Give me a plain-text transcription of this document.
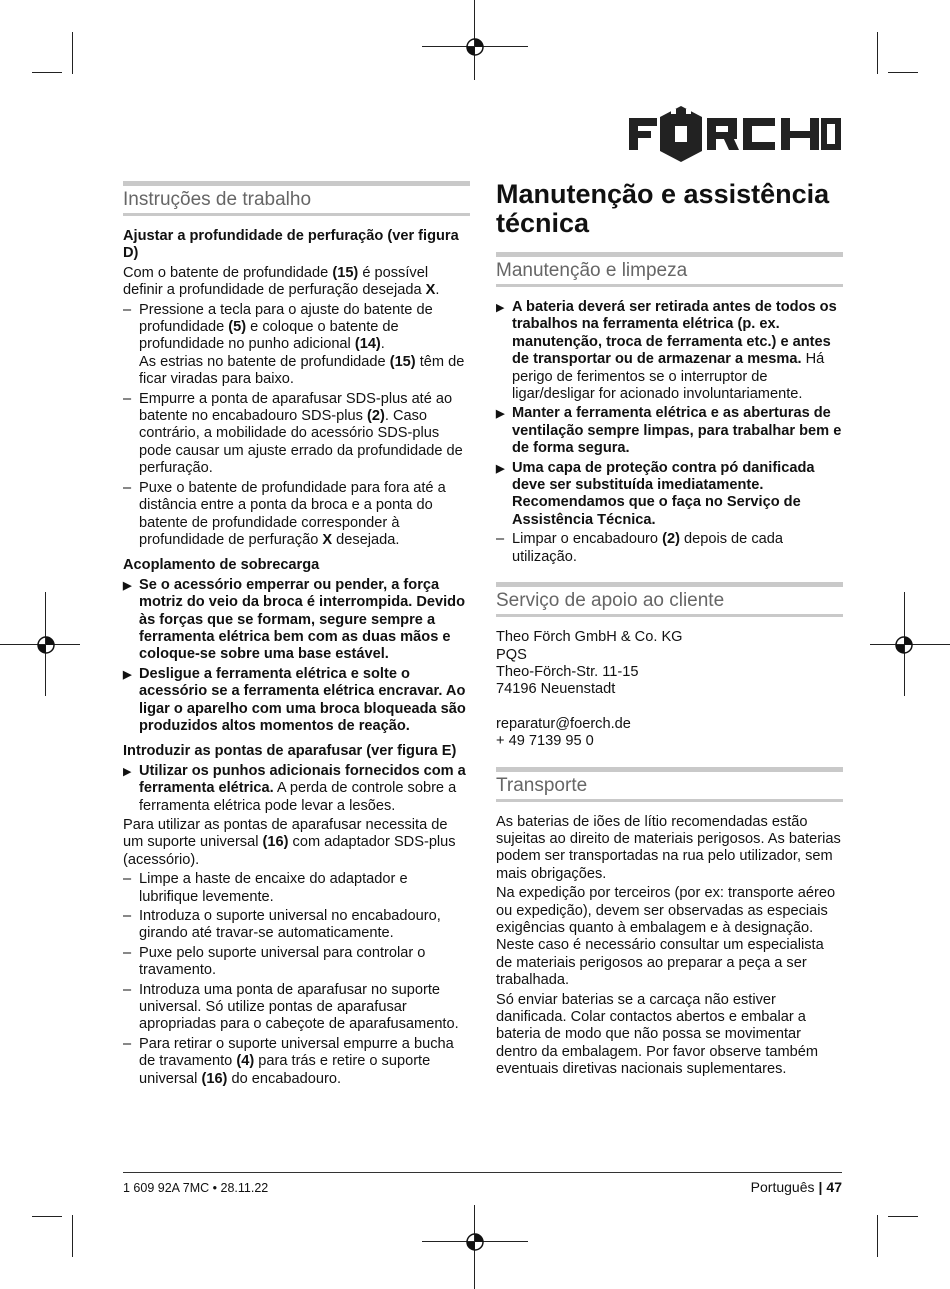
FÖRCH
Instruções de trabalho

Ajustar a profundidade de perfuração (ver figura D)

Com o batente de profundidade (15) é possível definir a profundidade de perfuração desejada X.

– Pressione a tecla para o ajuste do batente de profundidade (5) e coloque o batente de profundidade no punho adicional (14).
As estrias no batente de profundidade (15) têm de ficar viradas para baixo.
– Empurre a ponta de aparafusar SDS-plus até ao batente no encabadouro SDS-plus (2). Caso contrário, a mobilidade do acessório SDS-plus pode causar um ajuste errado da profundidade de perfuração.
– Puxe o batente de profundidade para fora até a distância entre a ponta da broca e a ponta do batente de profundidade corresponder à profundidade de perfuração X desejada.

Acoplamento de sobrecarga

▶ Se o acessório emperrar ou pender, a força motriz do veio da broca é interrompida. Devido às forças que se formam, segure sempre a ferramenta elétrica bem com as duas mãos e coloque-se sobre uma base estável.
▶ Desligue a ferramenta elétrica e solte o acessório se a ferramenta elétrica encravar. Ao ligar o aparelho com uma broca bloqueada são produzidos altos momentos de reação.

Introduzir as pontas de aparafusar (ver figura E)

▶ Utilizar os punhos adicionais fornecidos com a ferramenta elétrica. A perda de controle sobre a ferramenta elétrica pode levar a lesões.

Para utilizar as pontas de aparafusar necessita de um suporte universal (16) com adaptador SDS-plus (acessório).

– Limpe a haste de encaixe do adaptador e lubrifique levemente.
– Introduza o suporte universal no encabadouro, girando até travar-se automaticamente.
– Puxe pelo suporte universal para controlar o travamento.
– Introduza uma ponta de aparafusar no suporte universal. Só utilize pontas de aparafusar apropriadas para o cabeçote de aparafusamento.
– Para retirar o suporte universal empurre a bucha de travamento (4) para trás e retire o suporte universal (16) do encabadouro.
Manutenção e assistência técnica
Manutenção e limpeza
▶ A bateria deverá ser retirada antes de todos os trabalhos na ferramenta elétrica (p. ex. manutenção, troca de ferramenta etc.) e antes de transportar ou de armazenar a mesma. Há perigo de ferimentos se o interruptor de ligar/desligar for acionado involuntariamente.
▶ Manter a ferramenta elétrica e as aberturas de ventilação sempre limpas, para trabalhar bem e de forma segura.
▶ Uma capa de proteção contra pó danificada deve ser substituída imediatamente. Recomendamos que o faça no Serviço de Assistência Técnica.
– Limpar o encabadouro (2) depois de cada utilização.
Serviço de apoio ao cliente
Theo Förch GmbH & Co. KG
PQS
Theo-Förch-Str. 11-15
74196 Neuenstadt
reparatur@foerch.de
+ 49 7139 95 0
Transporte

As baterias de iões de lítio recomendadas estão sujeitas ao direito de materiais perigosos. As baterias podem ser transportadas na rua pelo utilizador, sem mais obrigações.

Na expedição por terceiros (por ex: transporte aéreo ou expedição), devem ser observadas as especiais exigências quanto à embalagem e à designação. Neste caso é necessário consultar um especialista de materiais perigosos ao preparar a peça a ser trabalhada.

Só enviar baterias se a carcaça não estiver danificada. Colar contactos abertos e embalar a bateria de modo que não possa se movimentar dentro da embalagem. Por favor observe também eventuais diretivas nacionais suplementares.

1 609 92A 7MC • 28.11.22	Português | 47
